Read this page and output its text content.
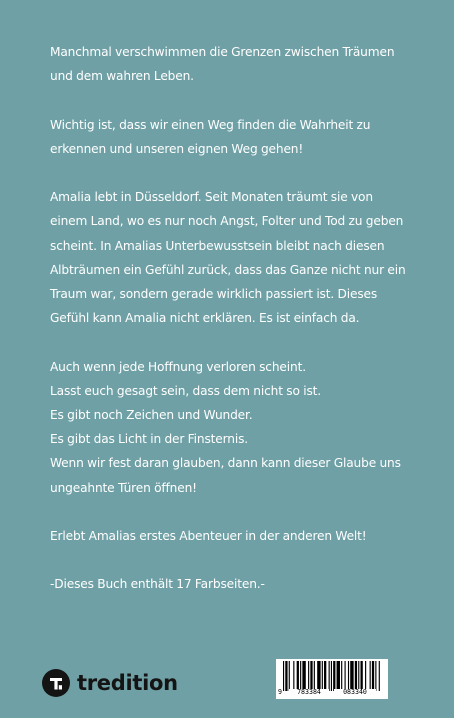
Manchmal verschwimmen die Grenzen zwischen Träumen

und dem wahren Leben.

Wichtig ist, dass wir einen Weg finden die Wahrheit zu

erkennen und unseren eignen Weg gehen!

Amalia lebt in Düsseldorf. Seit Monaten träumt sie von

einem Land, wo es nur noch Angst, Folter und Tod zu geben

scheint. In Amalias Unterbewusstsein bleibt nach diesen

Albträumen ein Gefühl zurück, dass das Ganze nicht nur ein

Traum war, sondern gerade wirklich passiert ist. Dieses

Gefühl kann Amalia nicht erklären. Es ist einfach da.

Auch wenn jede Hoffnung verloren scheint.

Lasst euch gesagt sein, dass dem nicht so ist.

Es gibt noch Zeichen und Wunder.

Es gibt das Licht in der Finsternis.

Wenn wir fest daran glauben, dann kann dieser Glaube uns

ungeahnte Türen öffnen!

Erlebt Amalias erstes Abenteuer in der anderen Welt!

-Dieses Buch enthält 17 Farbseiten.-

tredition	9	783384	083340
